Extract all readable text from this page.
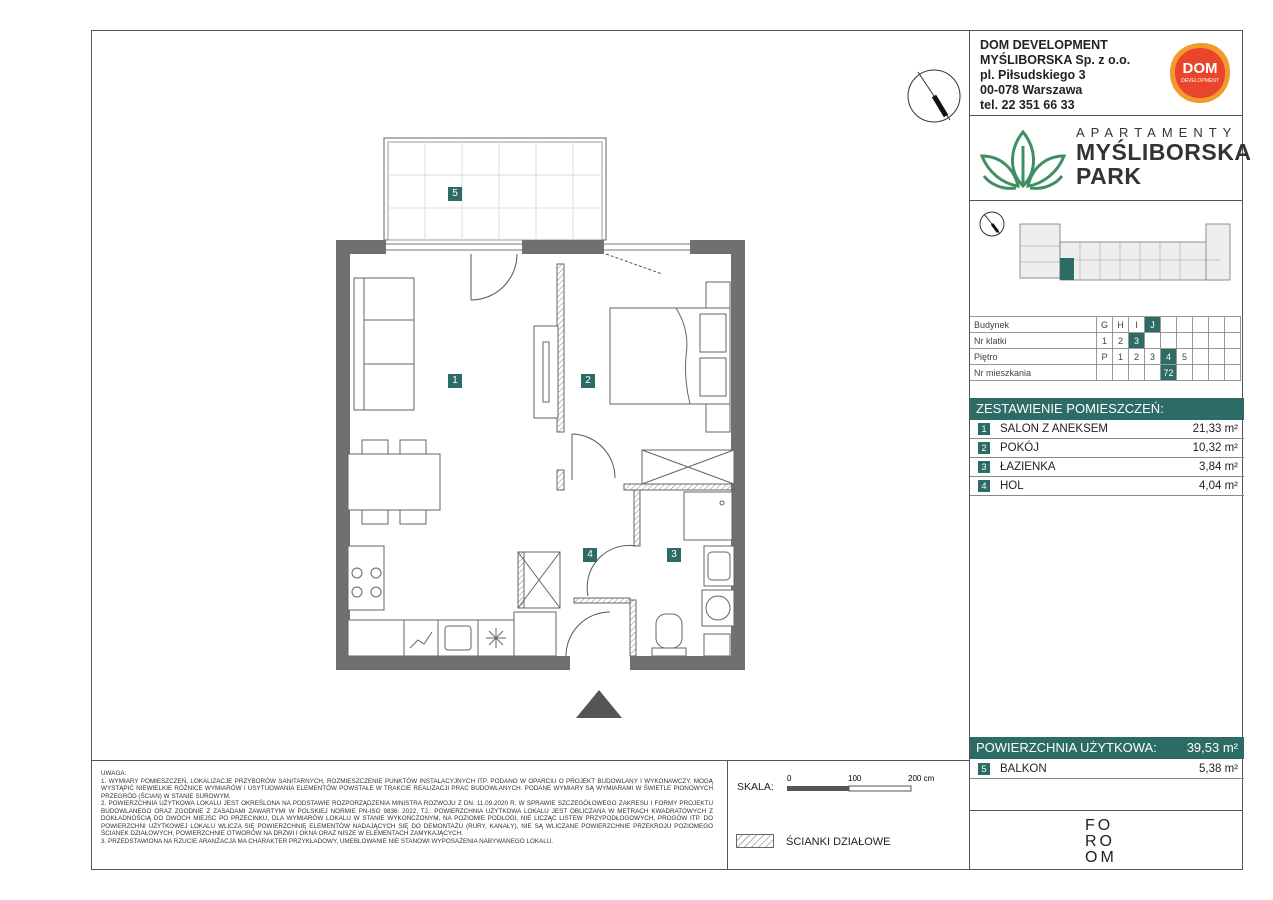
5
1	2
4	3
DOM DEVELOPMENT
MYŚLIBORSKA Sp. z o.o.
pl. Piłsudskiego 3
00-078 Warszawa
tel. 22 351 66 33
DOM
DEVELOPMENT
APARTAMENTY
MYŚLIBORSKA
PARK
Budynek	G	H	I	J					
Nr klatki	1	2	3						
Piętro	P	1	2	3	4	5			
Nr mieszkania					72				
ZESTAWIENIE POMIESZCZEŃ:
1	SALON Z ANEKSEM	21,33 m²
2	POKÓJ	10,32 m²
3	ŁAZIENKA	3,84 m²
4	HOL	4,04 m²
POWIERZCHNIA UŻYTKOWA: 39,53 m²
5	BALKON	5,38 m²
UWAGA:
1. WYMIARY POMIESZCZEŃ, LOKALIZACJE PRZYBORÓW SANITARNYCH, ROZMIESZCZENIE PUNKTÓW INSTALACYJNYCH ITP. PODANO W OPARCIU O PROJEKT BUDOWLANY I WYKONAWCZY. MOGĄ WYSTĄPIĆ NIEWIELKIE RÓŻNICE WYMIARÓW I USYTUOWANIA ELEMENTÓW POWSTAŁE W TRAKCIE REALIZACJI PRAC BUDOWLANYCH. PODANE WYMIARY SĄ WYMIARAMI W ŚWIETLE PIONOWYCH PRZEGRÓD (ŚCIAN) W STANIE SUROWYM.
2. POWIERZCHNIA UŻYTKOWA LOKALU JEST OKREŚLONA NA PODSTAWIE ROZPORZĄDZENIA MINISTRA ROZWOJU Z DN. 11.09.2020 R. W SPRAWIE SZCZEGÓŁOWEGO ZAKRESU I FORMY PROJEKTU BUDOWLANEGO ORAZ ZGODNIE Z ZASADAMI ZAWARTYMI W POLSKIEJ NORMIE PN-ISO 9836: 2022, TJ.: POWIERZCHNIA UŻYTKOWA LOKALU JEST OBLICZANA W METRACH KWADRATOWYCH Z DOKŁADNOŚCIĄ DO DWÓCH MIEJSC PO PRZECINKU, DLA WYMIARÓW LOKALU W STANIE WYKOŃCZONYM, NA POZIOMIE PODŁOGI, NIE LICZĄC LISTEW PRZYPODŁOGOWYCH, PROGÓW ITP. DO POWIERZCHNI UŻYTKOWEJ LOKALU WLICZA SIĘ POWIERZCHNIĘ ELEMENTÓW NADAJĄCYCH SIĘ DO DEMONTAŻU (RURY, KANAŁY), NIE SĄ WLICZANE POWIERZCHNIE PRZEKROJU POZIOMEGO ŚCIANEK DZIAŁOWYCH, POWIERZCHNIE OTWORÓW NA DRZWI I OKNA ORAZ NISZE W ELEMENTACH ZAMYKAJĄCYCH.
3. PRZEDSTAWIONA NA RZUCIE ARANŻACJA MA CHARAKTER PRZYKŁADOWY, UMEBLOWANIE NIE STANOWI WYPOSAŻENIA NABYWANEGO LOKALU.
SKALA:
0	100	200 cm
ŚCIANKI DZIAŁOWE
FO
RO
OM
